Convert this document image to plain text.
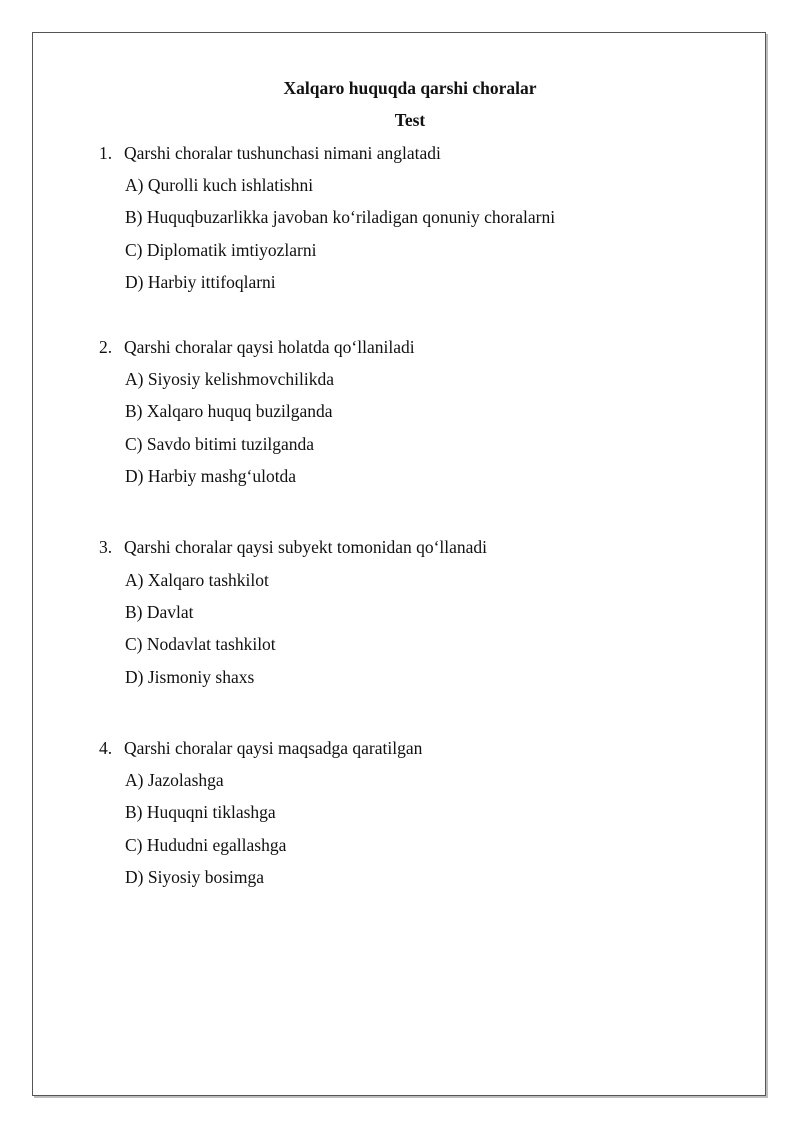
Xalqaro huquqda qarshi choralar
Test
1. Qarshi choralar tushunchasi nimani anglatadi
A) Qurolli kuch ishlatishni
B) Huquqbuzarlikka javoban ko‘riladigan qonuniy choralarni
C) Diplomatik imtiyozlarni
D) Harbiy ittifoqlarni
2. Qarshi choralar qaysi holatda qo‘llaniladi
A) Siyosiy kelishmovchilikda
B) Xalqaro huquq buzilganda
C) Savdo bitimi tuzilganda
D) Harbiy mashg‘ulotda
3. Qarshi choralar qaysi subyekt tomonidan qo‘llanadi
A) Xalqaro tashkilot
B) Davlat
C) Nodavlat tashkilot
D) Jismoniy shaxs
4. Qarshi choralar qaysi maqsadga qaratilgan
A) Jazolashga
B) Huquqni tiklashga
C) Hududni egallashga
D) Siyosiy bosimga
